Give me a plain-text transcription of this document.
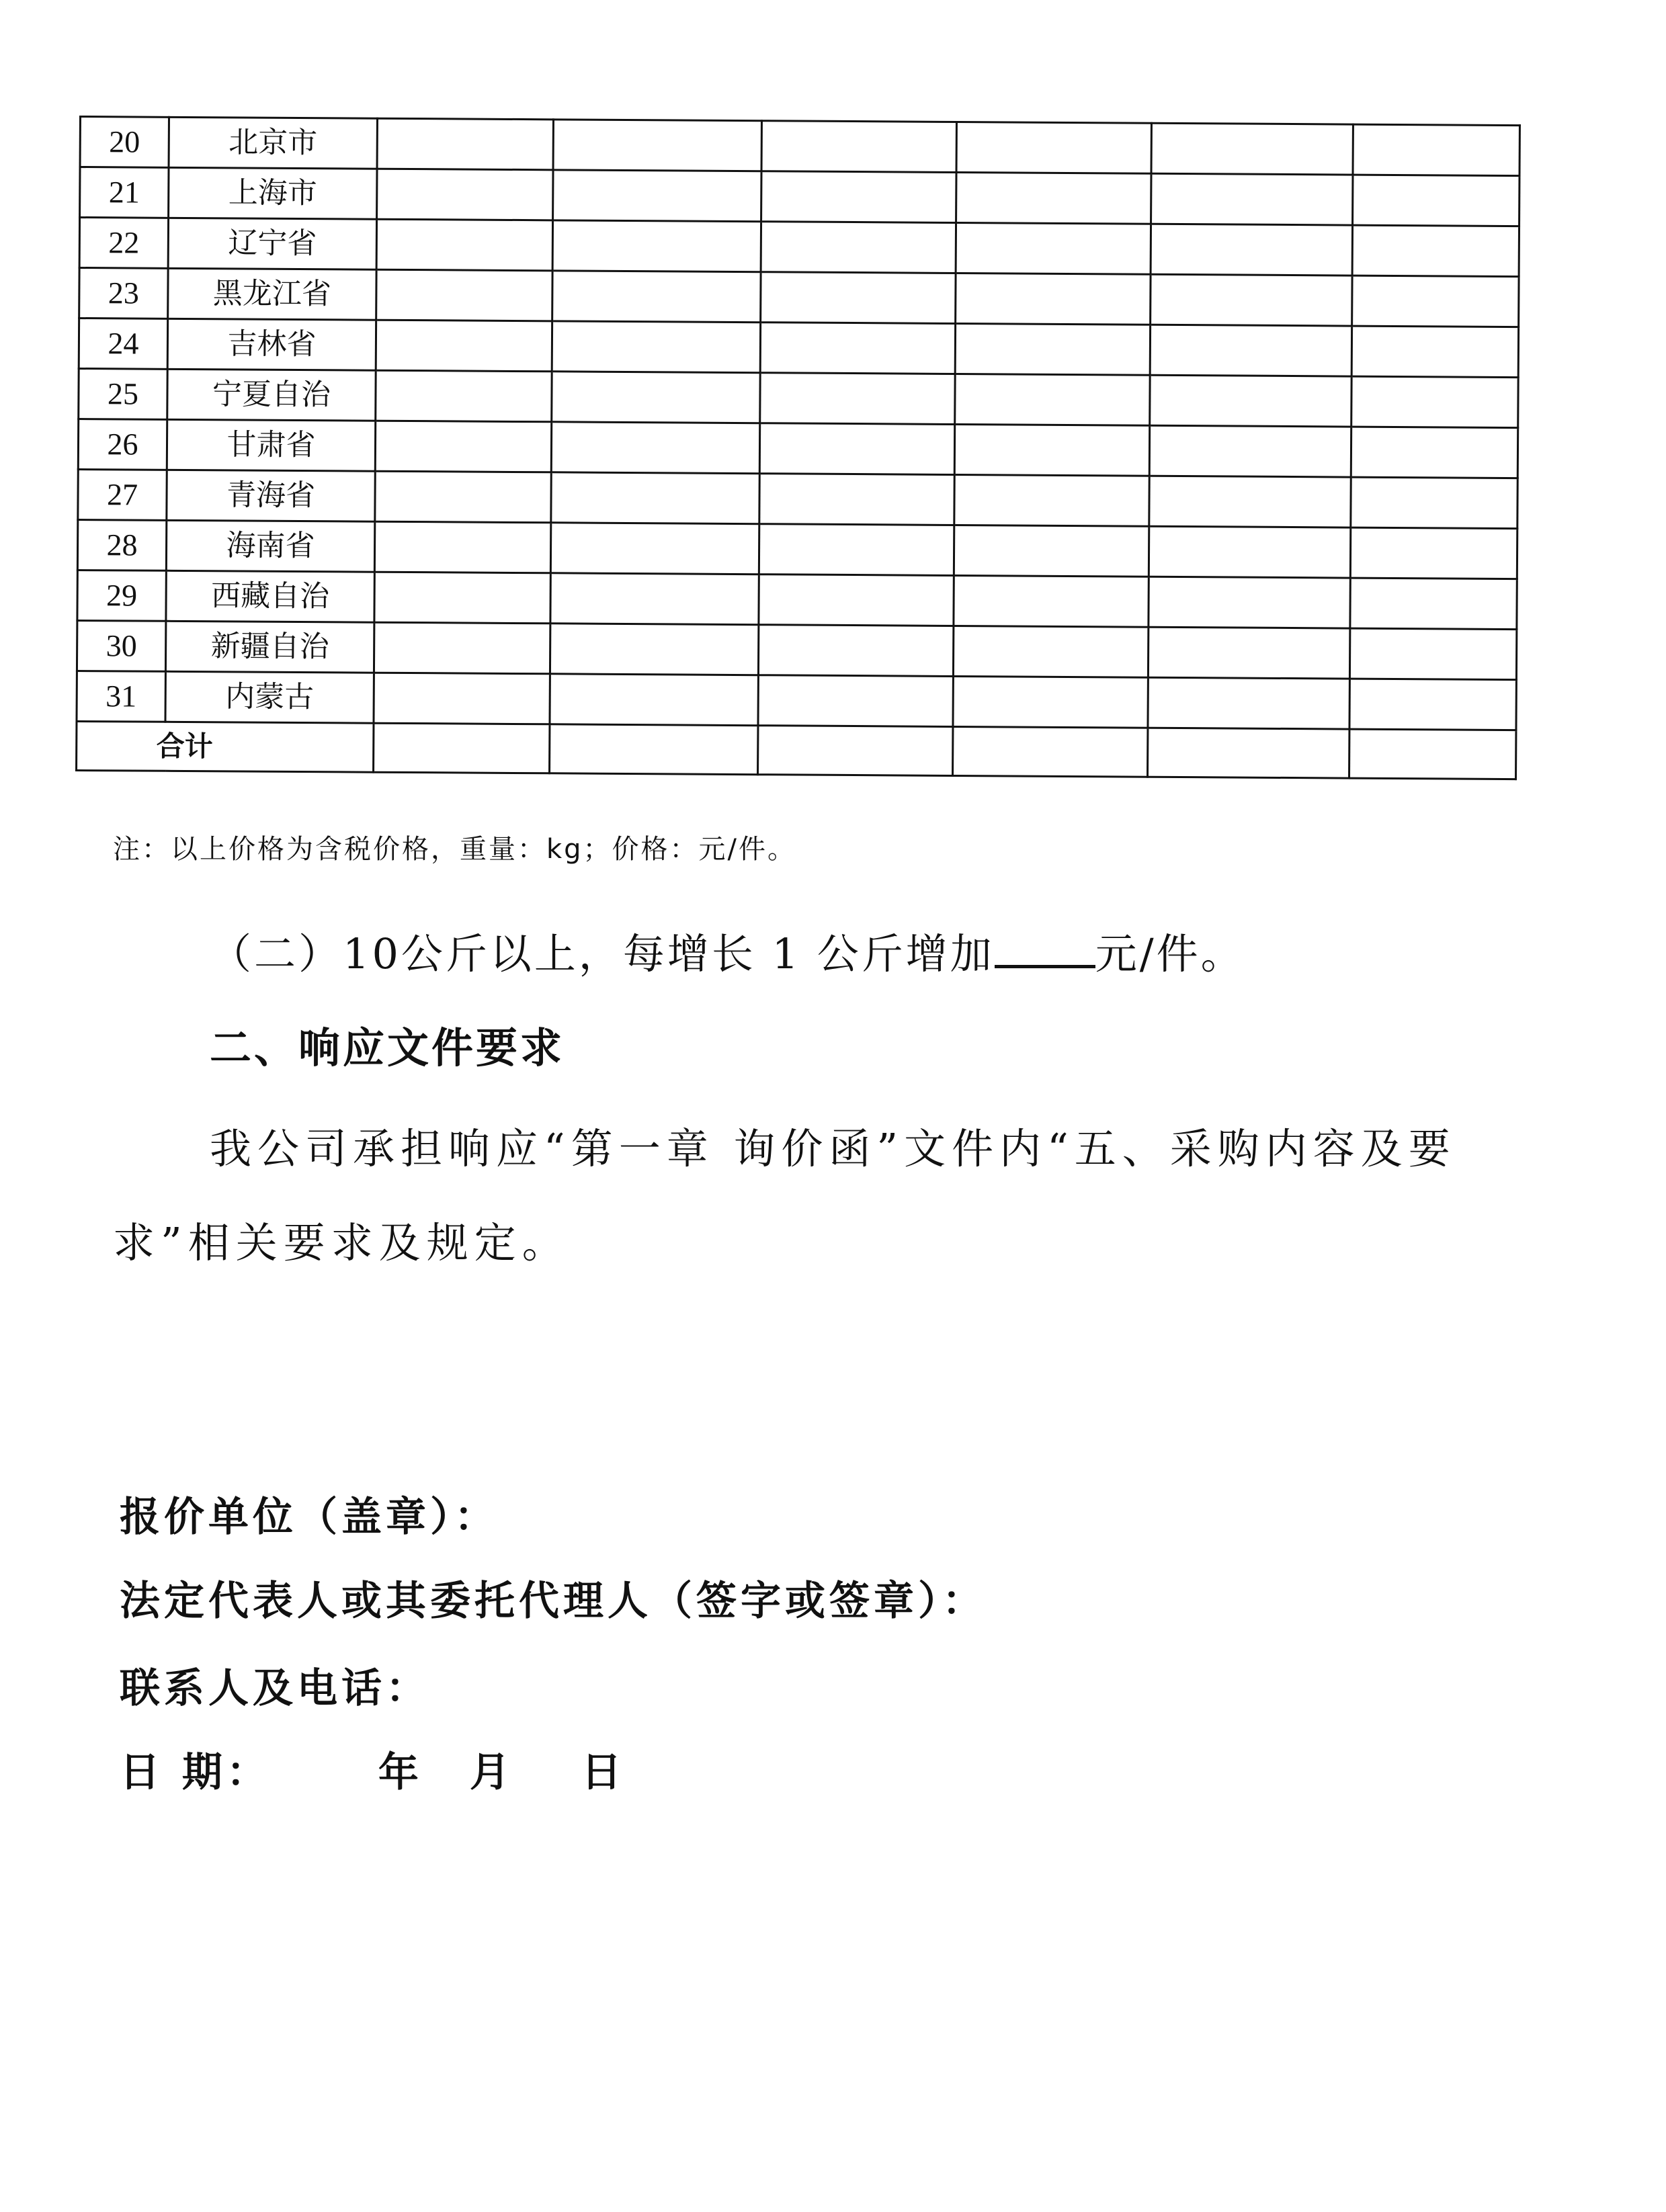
20	北京市						
21	上海市						
22	辽宁省						
23	黑龙江省						
24	吉林省						
25	宁夏自治						
26	甘肃省						
27	青海省						
28	海南省						
29	西藏自治						
30	新疆自治						
31	内蒙古						
合计							
注：以上价格为含税价格，重量：kg；价格：元/件。
（二）10公斤以上，每增长 1 公斤增加 元/件。
二、响应文件要求
我公司承担响应“第一章 询价函”文件内“五、采购内容及要
求”相关要求及规定。
报价单位（盖章）：
法定代表人或其委托代理人（签字或签章）：
联系人及电话：
日 期：	年 月 日
